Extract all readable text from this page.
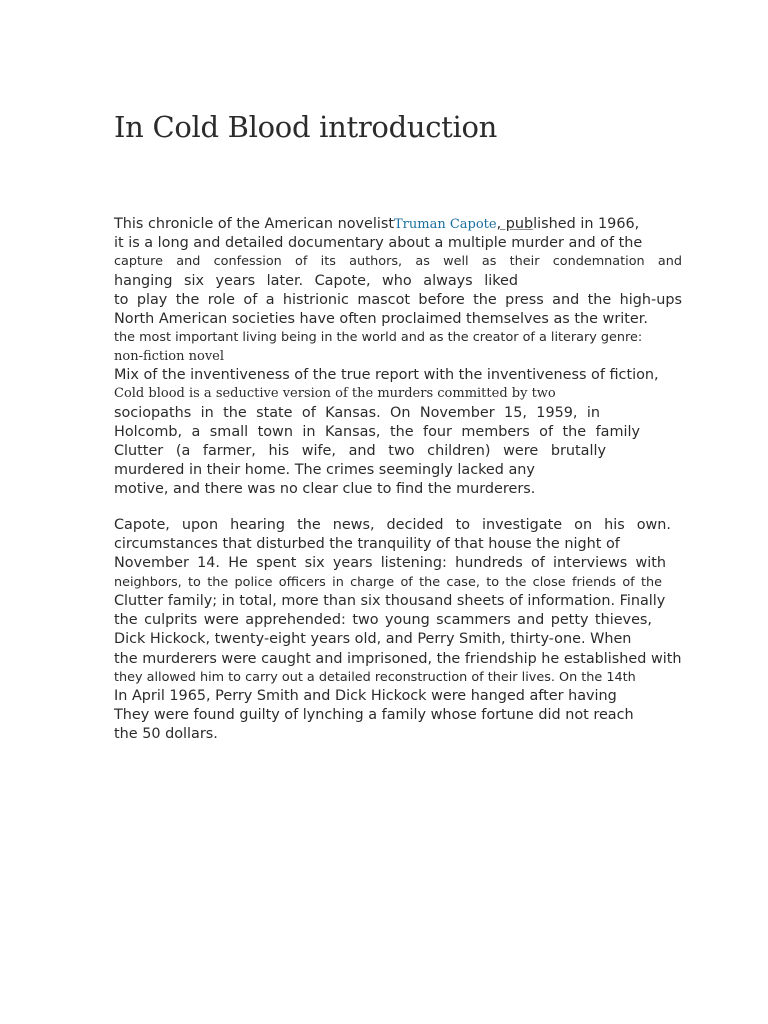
In Cold Blood introduction
This chronicle of the American novelistTruman Capote, published in 1966,
it is a long and detailed documentary about a multiple murder and of the
capture and confession of its authors, as well as their condemnation and
hanging six years later. Capote, who always liked
to play the role of a histrionic mascot before the press and the high-ups
North American societies have often proclaimed themselves as the writer.
the most important living being in the world and as the creator of a literary genre:
non-fiction novel
Mix of the inventiveness of the true report with the inventiveness of fiction,
Cold blood is a seductive version of the murders committed by two
sociopaths in the state of Kansas. On November 15, 1959, in
Holcomb, a small town in Kansas, the four members of the family
Clutter (a farmer, his wife, and two children) were brutally
murdered in their home. The crimes seemingly lacked any
motive, and there was no clear clue to find the murderers.
Capote, upon hearing the news, decided to investigate on his own.
circumstances that disturbed the tranquility of that house the night of
November 14. He spent six years listening: hundreds of interviews with
neighbors, to the police officers in charge of the case, to the close friends of the
Clutter family; in total, more than six thousand sheets of information. Finally
the culprits were apprehended: two young scammers and petty thieves,
Dick Hickock, twenty-eight years old, and Perry Smith, thirty-one. When
the murderers were caught and imprisoned, the friendship he established with
they allowed him to carry out a detailed reconstruction of their lives. On the 14th
In April 1965, Perry Smith and Dick Hickock were hanged after having
They were found guilty of lynching a family whose fortune did not reach
the 50 dollars.
